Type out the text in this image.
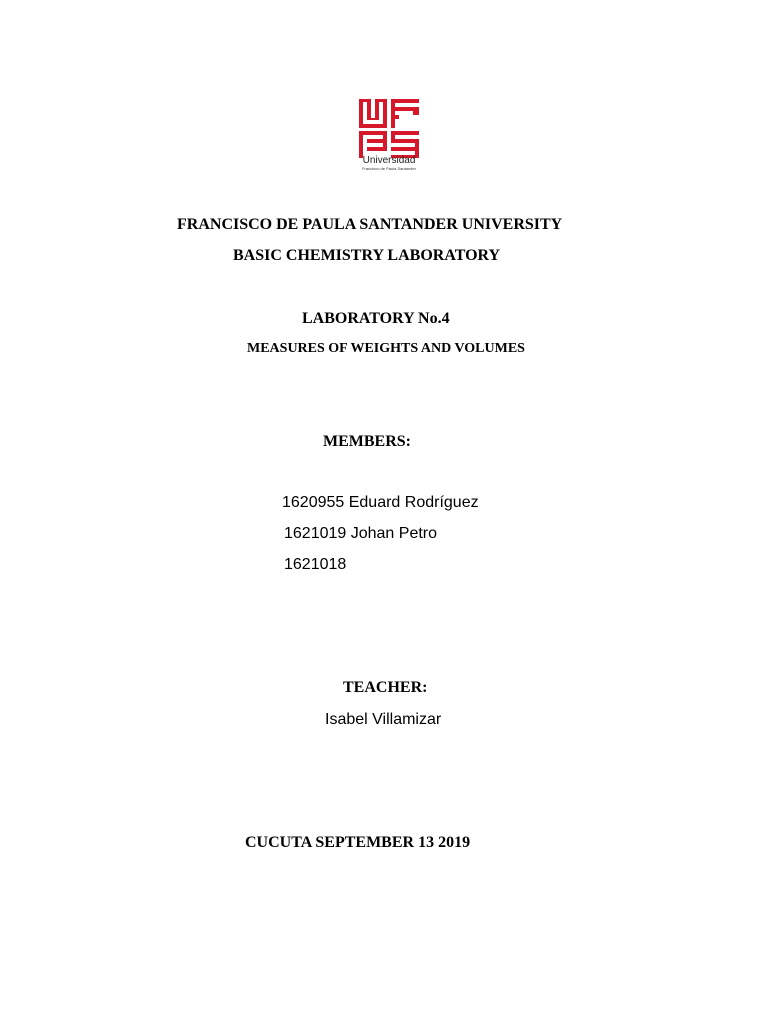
Universidad
Francisco de Paula Santander
FRANCISCO DE PAULA SANTANDER UNIVERSITY
BASIC CHEMISTRY LABORATORY
LABORATORY No.4
MEASURES OF WEIGHTS AND VOLUMES
MEMBERS:
1620955 Eduard Rodríguez
1621019 Johan Petro
1621018
TEACHER:
Isabel Villamizar
CUCUTA SEPTEMBER 13 2019
